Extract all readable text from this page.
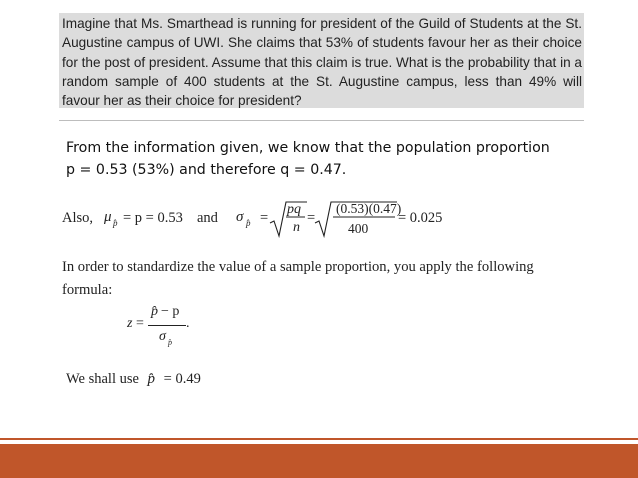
Imagine that Ms. Smarthead is running for president of the Guild of Students at the St. Augustine campus of UWI. She claims that 53% of students favour her as their choice for the post of president. Assume that this claim is true. What is the probability that in a random sample of 400 students at the St. Augustine campus, less than 49% will favour her as their choice for president?

From the information given, we know that the population proportion
p = 0.53 (53%) and therefore q = 0.47.

Also, μ p̂ = p = 0.53 and σ p̂ =
pq
n
=
(0.53)(0.47)
400
= 0.025

In order to standardize the value of a sample proportion, you apply the following formula:

z =
p̂ − p
σ p̂
.
We shall use p̂ = 0.49
